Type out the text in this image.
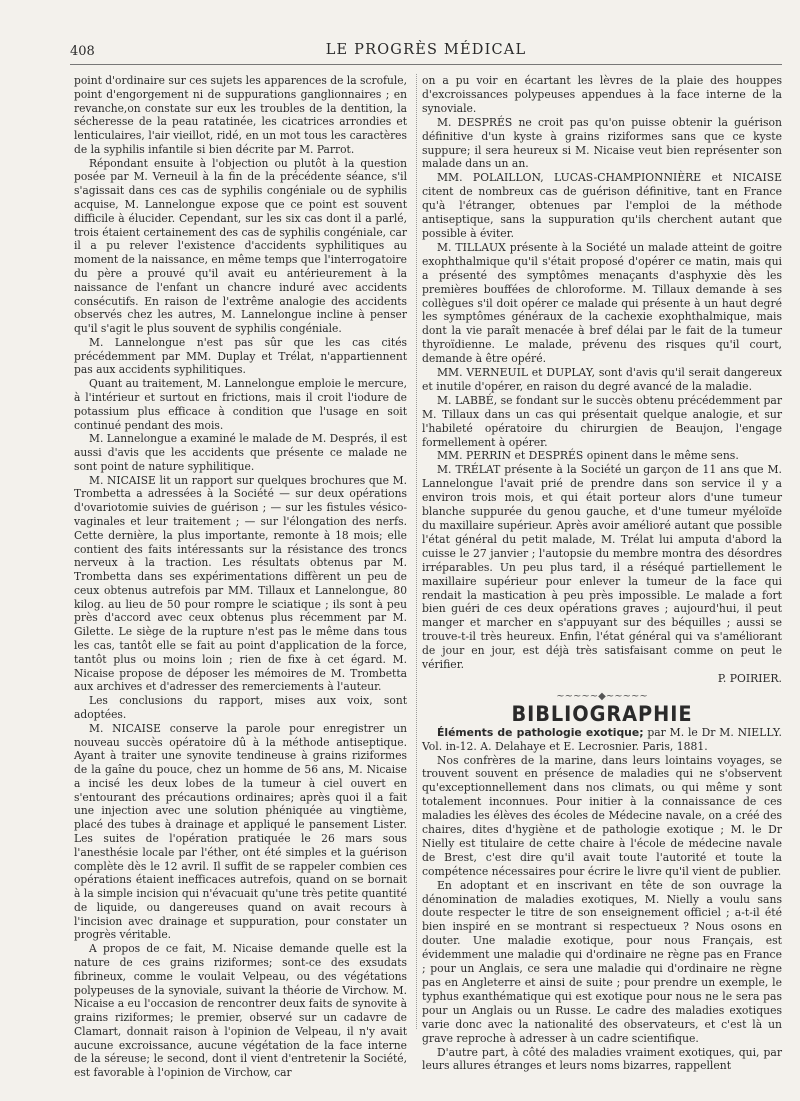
408	LE PROGRÈS MÉDICAL

point d'ordinaire sur ces sujets les apparences de la scrofule, point d'engorgement ni de suppurations ganglionnaires ; en revanche,on constate sur eux les troubles de la dentition, la sécheresse de la peau ratatinée, les cicatrices arrondies et lenticulaires, l'air vieillot, ridé, en un mot tous les caractères de la syphilis infantile si bien décrite par M. Parrot.

Répondant ensuite à l'objection ou plutôt à la question posée par M. Verneuil à la fin de la précédente séance, s'il s'agissait dans ces cas de syphilis congéniale ou de syphilis acquise, M. Lannelongue expose que ce point est souvent difficile à élucider. Cependant, sur les six cas dont il a parlé, trois étaient certainement des cas de syphilis congéniale, car il a pu relever l'existence d'accidents syphilitiques au moment de la naissance, en même temps que l'interrogatoire du père a prouvé qu'il avait eu antérieurement à la naissance de l'enfant un chancre induré avec accidents consécutifs. En raison de l'extrême analogie des accidents observés chez les autres, M. Lannelongue incline à penser qu'il s'agit le plus souvent de syphilis congéniale.

M. Lannelongue n'est pas sûr que les cas cités précédemment par MM. Duplay et Trélat, n'appartiennent pas aux accidents syphilitiques.

Quant au traitement, M. Lannelongue emploie le mercure, à l'intérieur et surtout en frictions, mais il croit l'iodure de potassium plus efficace à condition que l'usage en soit continué pendant des mois.

M. Lannelongue a examiné le malade de M. Després, il est aussi d'avis que les accidents que présente ce malade ne sont point de nature syphilitique.

M. NICAISE lit un rapport sur quelques brochures que M. Trombetta a adressées à la Société — sur deux opérations d'ovariotomie suivies de guérison ; — sur les fistules vésico-vaginales et leur traitement ; — sur l'élongation des nerfs. Cette dernière, la plus importante, remonte à 18 mois; elle contient des faits intéressants sur la résistance des troncs nerveux à la traction. Les résultats obtenus par M. Trombetta dans ses expérimentations diffèrent un peu de ceux obtenus autrefois par MM. Tillaux et Lannelongue, 80 kilog. au lieu de 50 pour rompre le sciatique ; ils sont à peu près d'accord avec ceux obtenus plus récemment par M. Gilette. Le siège de la rupture n'est pas le même dans tous les cas, tantôt elle se fait au point d'application de la force, tantôt plus ou moins loin ; rien de fixe à cet égard. M. Nicaise propose de déposer les mémoires de M. Trombetta aux archives et d'adresser des remerciements à l'auteur.

Les conclusions du rapport, mises aux voix, sont adoptées.

M. NICAISE conserve la parole pour enregistrer un nouveau succès opératoire dû à la méthode antiseptique. Ayant à traiter une synovite tendineuse à grains riziformes de la gaîne du pouce, chez un homme de 56 ans, M. Nicaise a incisé les deux lobes de la tumeur à ciel ouvert en s'entourant des précautions ordinaires; après quoi il a fait une injection avec une solution phéniquée au vingtième, placé des tubes à drainage et appliqué le pansement Lister. Les suites de l'opération pratiquée le 26 mars sous l'anesthésie locale par l'éther, ont été simples et la guérison complète dès le 12 avril. Il suffit de se rappeler combien ces opérations étaient inefficaces autrefois, quand on se bornait à la simple incision qui n'évacuait qu'une très petite quantité de liquide, ou dangereuses quand on avait recours à l'incision avec drainage et suppuration, pour constater un progrès véritable.

A propos de ce fait, M. Nicaise demande quelle est la nature de ces grains riziformes; sont-ce des exsudats fibrineux, comme le voulait Velpeau, ou des végétations polypeuses de la synoviale, suivant la théorie de Virchow. M. Nicaise a eu l'occasion de rencontrer deux faits de synovite à grains riziformes; le premier, observé sur un cadavre de Clamart, donnait raison à l'opinion de Velpeau, il n'y avait aucune excroissance, aucune végétation de la face interne de la séreuse; le second, dont il vient d'entretenir la Société, est favorable à l'opinion de Virchow, car

on a pu voir en écartant les lèvres de la plaie des houppes d'excroissances polypeuses appendues à la face interne de la synoviale.

M. DESPRÉS ne croit pas qu'on puisse obtenir la guérison définitive d'un kyste à grains riziformes sans que ce kyste suppure; il sera heureux si M. Nicaise veut bien représenter son malade dans un an.

MM. POLAILLON, LUCAS-CHAMPIONNIÈRE et NICAISE citent de nombreux cas de guérison définitive, tant en France qu'à l'étranger, obtenues par l'emploi de la méthode antiseptique, sans la suppuration qu'ils cherchent autant que possible à éviter.

M. TILLAUX présente à la Société un malade atteint de goitre exophthalmique qu'il s'était proposé d'opérer ce matin, mais qui a présenté des symptômes menaçants d'asphyxie dès les premières bouffées de chloroforme. M. Tillaux demande à ses collègues s'il doit opérer ce malade qui présente à un haut degré les symptômes généraux de la cachexie exophthalmique, mais dont la vie paraît menacée à bref délai par le fait de la tumeur thyroïdienne. Le malade, prévenu des risques qu'il court, demande à être opéré.

MM. VERNEUIL et DUPLAY, sont d'avis qu'il serait dangereux et inutile d'opérer, en raison du degré avancé de la maladie.

M. LABBÉ, se fondant sur le succès obtenu précédemment par M. Tillaux dans un cas qui présentait quelque analogie, et sur l'habileté opératoire du chirurgien de Beaujon, l'engage formellement à opérer.

MM. PERRIN et DESPRÉS opinent dans le même sens.

M. TRÉLAT présente à la Société un garçon de 11 ans que M. Lannelongue l'avait prié de prendre dans son service il y a environ trois mois, et qui était porteur alors d'une tumeur blanche suppurée du genou gauche, et d'une tumeur myéloïde du maxillaire supérieur. Après avoir amélioré autant que possible l'état général du petit malade, M. Trélat lui amputa d'abord la cuisse le 27 janvier ; l'autopsie du membre montra des désordres irréparables. Un peu plus tard, il a réséqué partiellement le maxillaire supérieur pour enlever la tumeur de la face qui rendait la mastication à peu près impossible. Le malade a fort bien guéri de ces deux opérations graves ; aujourd'hui, il peut manger et marcher en s'appuyant sur des béquilles ; aussi se trouve-t-il très heureux. Enfin, l'état général qui va s'améliorant de jour en jour, est déjà très satisfaisant comme on peut le vérifier.

P. POIRIER.

~~~~~◆~~~~~
BIBLIOGRAPHIE

Éléments de pathologie exotique; par M. le Dr M. NIELLY. Vol. in-12. A. Delahaye et E. Lecrosnier. Paris, 1881.

Nos confrères de la marine, dans leurs lointains voyages, se trouvent souvent en présence de maladies qui ne s'observent qu'exceptionnellement dans nos climats, ou qui même y sont totalement inconnues. Pour initier à la connaissance de ces maladies les élèves des écoles de Médecine navale, on a créé des chaires, dites d'hygiène et de pathologie exotique ; M. le Dr Nielly est titulaire de cette chaire à l'école de médecine navale de Brest, c'est dire qu'il avait toute l'autorité et toute la compétence nécessaires pour écrire le livre qu'il vient de publier.

En adoptant et en inscrivant en tête de son ouvrage la dénomination de maladies exotiques, M. Nielly a voulu sans doute respecter le titre de son enseignement officiel ; a-t-il été bien inspiré en se montrant si respectueux ? Nous osons en douter. Une maladie exotique, pour nous Français, est évidemment une maladie qui d'ordinaire ne règne pas en France ; pour un Anglais, ce sera une maladie qui d'ordinaire ne règne pas en Angleterre et ainsi de suite ; pour prendre un exemple, le typhus exanthématique qui est exotique pour nous ne le sera pas pour un Anglais ou un Russe. Le cadre des maladies exotiques varie donc avec la nationalité des observateurs, et c'est là un grave reproche à adresser à un cadre scientifique.

D'autre part, à côté des maladies vraiment exotiques, qui, par leurs allures étranges et leurs noms bizarres, rappellent
